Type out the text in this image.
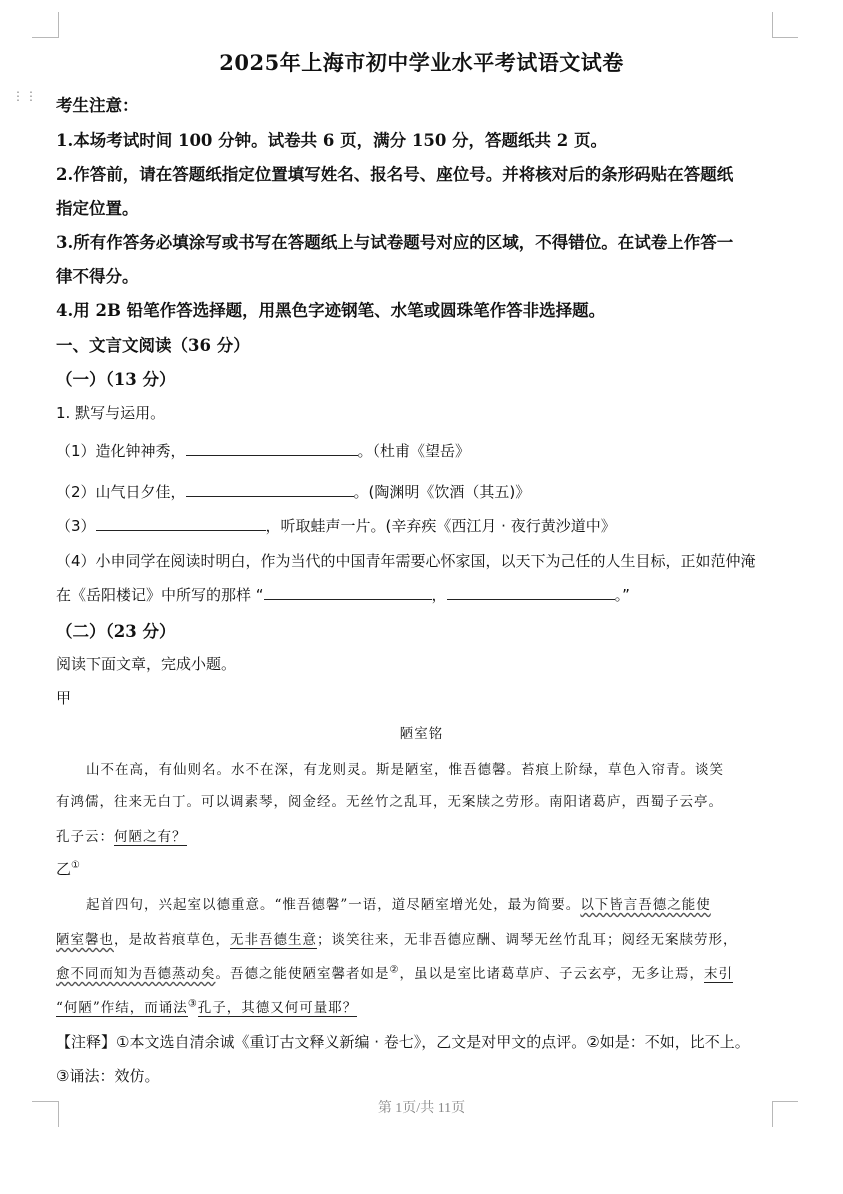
⋮⋮
2025年上海市初中学业水平考试语文试卷
考生注意：
1.本场考试时间 100 分钟。试卷共 6 页，满分 150 分，答题纸共 2 页。
2.作答前，请在答题纸指定位置填写姓名、报名号、座位号。并将核对后的条形码贴在答题纸
指定位置。
3.所有作答务必填涂写或书写在答题纸上与试卷题号对应的区域，不得错位。在试卷上作答一
律不得分。
4.用 2B 铅笔作答选择题，用黑色字迹钢笔、水笔或圆珠笔作答非选择题。
一、文言文阅读（36 分）
（一）（13 分）
1. 默写与运用。
（1）造化钟神秀，	。（杜甫《望岳》
（2）山气日夕佳，	。(陶渊明《饮酒（其五)》
（3）	，听取蛙声一片。(辛弃疾《西江月 · 夜行黄沙道中》
（4）小申同学在阅读时明白，作为当代的中国青年需要心怀家国，以天下为己任的人生目标，正如范仲淹
在《岳阳楼记》中所写的那样 “	，	。”
（二）（23 分）
阅读下面文章，完成小题。
甲
陋室铭
山不在高，有仙则名。水不在深，有龙则灵。斯是陋室，惟吾德馨。苔痕上阶绿，草色入帘青。谈笑
有鸿儒，往来无白丁。可以调素琴，阅金经。无丝竹之乱耳，无案牍之劳形。南阳诸葛庐，西蜀子云亭。
孔子云：何陋之有？
乙①
起首四句，兴起室以德重意。“惟吾德馨”一语，道尽陋室增光处，最为简要。以下皆言吾德之能使
陋室馨也，是故苔痕草色，无非吾德生意；谈笑往来，无非吾德应酬、调琴无丝竹乱耳；阅经无案牍劳形，
愈不同而知为吾德蒸动矣。吾德之能使陋室馨者如是②，虽以是室比诸葛草庐、子云玄亭，无多让焉，末引
“何陋”作结，而诵法③孔子，其德又何可量耶？
【注释】①本文选自清余诚《重订古文释义新编 · 卷七》，乙文是对甲文的点评。②如是：不如，比不上。
③诵法：效仿。
第 1页/共 11页
